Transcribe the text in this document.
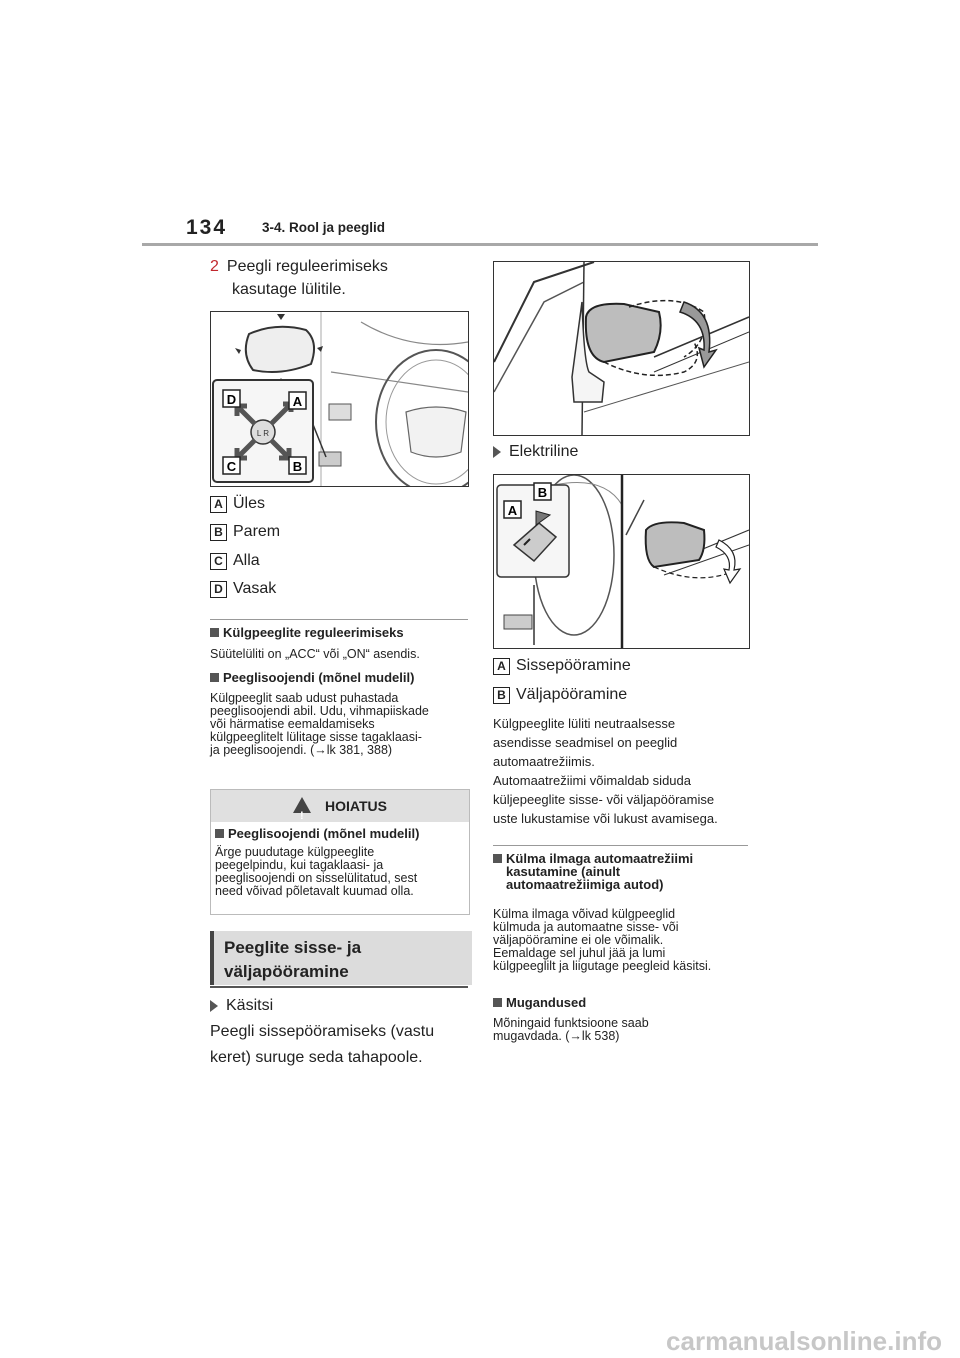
134	3-4. Rool ja peeglid
2 Peegli reguleerimiseks
kasutage lülitile.
L R
D	A
C	B
A Üles
B Parem
C Alla
D Vasak
Külgpeeglite reguleerimiseks
Süütelüliti on „ACC“ või „ON“ asendis.
Peeglisoojendi (mõnel mudelil)
Külgpeeglit saab udust puhastada
peeglisoojendi abil. Udu, vihmapiiskade
või härmatise eemaldamiseks
külgpeeglitelt lülitage sisse tagaklaasi-
ja peeglisoojendi. (→lk 381, 388)
!
HOIATUS
Peeglisoojendi (mõnel mudelil)
Ärge puudutage külgpeeglite
peegelpindu, kui tagaklaasi- ja
peeglisoojendi on sisselülitatud, sest
need võivad põletavalt kuumad olla.
Peeglite sisse- ja
väljapööramine
Käsitsi
Peegli sissepööramiseks (vastu
keret) suruge seda tahapoole.
Elektriline
B
A
A Sissepööramine
B Väljapööramine
Külgpeeglite lüliti neutraalsesse
asendisse seadmisel on peeglid
automaatrežiimis.
Automaatrežiimi võimaldab siduda
küljepeeglite sisse- või väljapööramise
uste lukustamise või lukust avamisega.
Külma ilmaga automaatrežiimi
kasutamine (ainult
automaatrežiimiga autod)
Külma ilmaga võivad külgpeeglid
külmuda ja automaatne sisse- või
väljapööramine ei ole võimalik.
Eemaldage sel juhul jää ja lumi
külgpeeglilt ja liigutage peegleid käsitsi.
Mugandused
Mõningaid funktsioone saab
mugavdada. (→lk 538)
carmanualsonline.info
